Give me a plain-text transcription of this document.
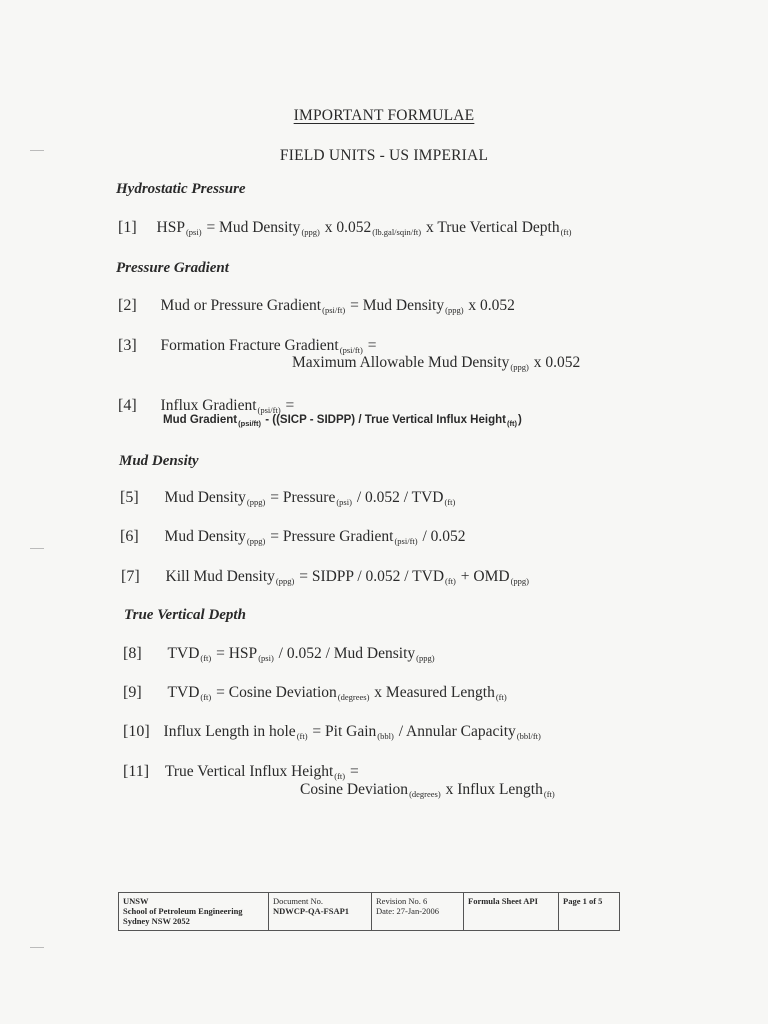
IMPORTANT FORMULAE
FIELD UNITS - US IMPERIAL
Hydrostatic Pressure
[1] $HSP_{(psi)}$ = Mud Density$_{(ppg)}$ x $0.052_{(lb.gal/sqin/ft)}$ x True Vertical Depth$_{(ft)}$
Pressure Gradient
[2] Mud or Pressure Gradient$_{(psi/ft)}$ = Mud Density$_{(ppg)}$ x 0.052
[3] Formation Fracture Gradient$_{(psi/ft)}$ =
Maximum Allowable Mud Density$_{(ppg)}$ x 0.052
[4] Influx Gradient$_{(psi/ft)}$ =
Mud Gradient$_{(psi/ft)}$ - ((SICP - SIDPP) / True Vertical Influx Height$_{(ft)}$)
Mud Density
[5] Mud Density$_{(ppg)}$ = Pressure$_{(psi)}$ / $0.052 / TVD_{(ft)}$
[6] Mud Density$_{(ppg)}$ = Pressure Gradient$_{(psi/ft)}$ / 0.052
[7] Kill Mud Density$_{(ppg)}$ = SIDPP / $0.052 / TVD_{(ft)} + OMD_{(ppg)}$
True Vertical Depth
[8] $TVD_{(ft)} = HSP_{(psi)} / 0.052$ / Mud Density$_{(ppg)}$
[9] $TVD_{(ft)} = Cosine$ Deviation$_{(degrees)}$ x Measured Length$_{(ft)}$
[10] Influx Length in hole$_{(ft)}$ = Pit Gain$_{(bbl)}$ / Annular Capacity$_{(bbl/ft)}$
[11] True Vertical Influx Height$_{(ft)}$ =
Cosine Deviation$_{(degrees)}$ x Influx Length$_{(ft)}$
UNSW
School of Petroleum Engineering
Sydney NSW 2052
Document No.
NDWCP-QA-FSAP1
Revision No. 6
Date: 27-Jan-2006
Formula Sheet API	Page 1 of 5
